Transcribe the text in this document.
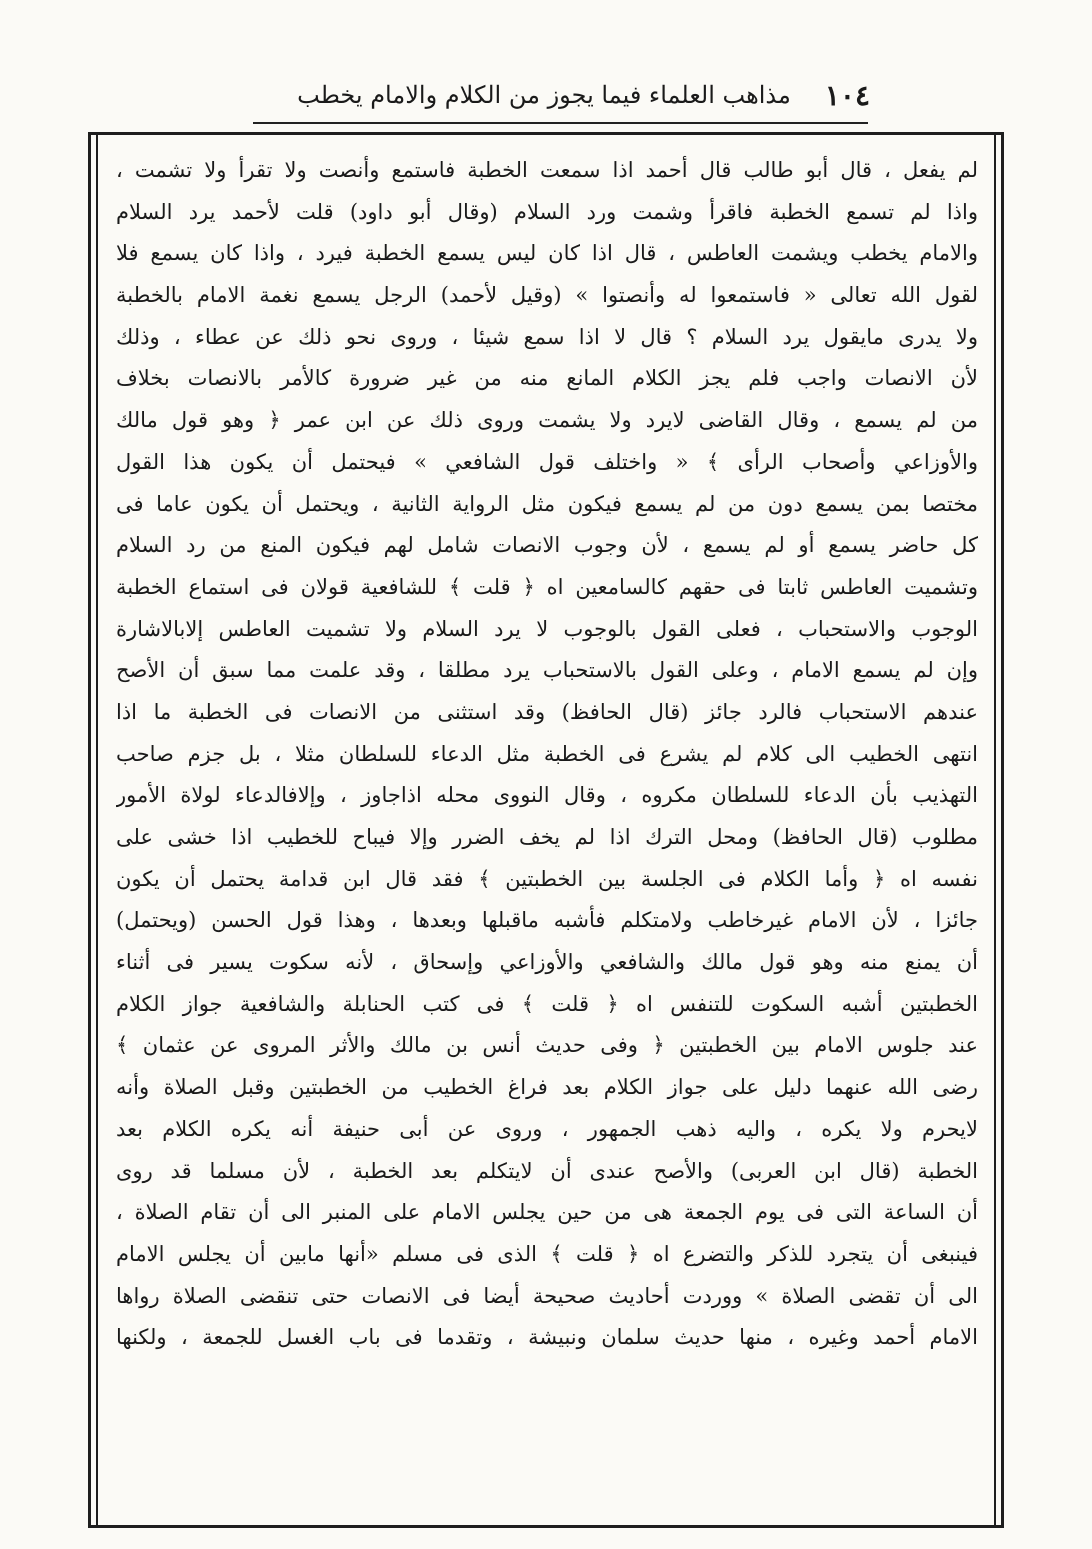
١٠٤
مذاهب العلماء فيما يجوز من الكلام والامام يخطب
لم يفعل ، قال أبو طالب قال أحمد اذا سمعت الخطبة فاستمع وأنصت ولا تقرأ ولا تشمت ،
واذا لم تسمع الخطبة فاقرأ وشمت ورد السلام (وقال أبو داود) قلت لأحمد يرد السلام
والامام يخطب ويشمت العاطس ، قال اذا كان ليس يسمع الخطبة فيرد ، واذا كان يسمع فلا
لقول الله تعالى « فاستمعوا له وأنصتوا » (وقيل لأحمد) الرجل يسمع نغمة الامام بالخطبة
ولا يدرى مايقول يرد السلام ؟ قال لا اذا سمع شيئا ، وروى نحو ذلك عن عطاء ، وذلك
لأن الانصات واجب فلم يجز الكلام المانع منه من غير ضرورة كالأمر بالانصات بخلاف
من لم يسمع ، وقال القاضى لايرد ولا يشمت وروى ذلك عن ابن عمر ﴿ وهو قول مالك
والأوزاعي وأصحاب الرأى ﴾ « واختلف قول الشافعي » فيحتمل أن يكون هذا القول
مختصا بمن يسمع دون من لم يسمع فيكون مثل الرواية الثانية ، ويحتمل أن يكون عاما فى
كل حاضر يسمع أو لم يسمع ، لأن وجوب الانصات شامل لهم فيكون المنع من رد السلام
وتشميت العاطس ثابتا فى حقهم كالسامعين اه ﴿ قلت ﴾ للشافعية قولان فى استماع الخطبة
الوجوب والاستحباب ، فعلى القول بالوجوب لا يرد السلام ولا تشميت العاطس إلابالاشارة
وإن لم يسمع الامام ، وعلى القول بالاستحباب يرد مطلقا ، وقد علمت مما سبق أن الأصح
عندهم الاستحباب فالرد جائز (قال الحافظ) وقد استثنى من الانصات فى الخطبة ما اذا
انتهى الخطيب الى كلام لم يشرع فى الخطبة مثل الدعاء للسلطان مثلا ، بل جزم صاحب
التهذيب بأن الدعاء للسلطان مكروه ، وقال النووى محله اذاجاوز ، وإلافالدعاء لولاة الأمور
مطلوب (قال الحافظ) ومحل الترك اذا لم يخف الضرر وإلا فيباح للخطيب اذا خشى على
نفسه اه ﴿ وأما الكلام فى الجلسة بين الخطبتين ﴾ فقد قال ابن قدامة يحتمل أن يكون
جائزا ، لأن الامام غيرخاطب ولامتكلم فأشبه ماقبلها وبعدها ، وهذا قول الحسن (ويحتمل)
أن يمنع منه وهو قول مالك والشافعي والأوزاعي وإسحاق ، لأنه سكوت يسير فى أثناء
الخطبتين أشبه السكوت للتنفس اه ﴿ قلت ﴾ فى كتب الحنابلة والشافعية جواز الكلام
عند جلوس الامام بين الخطبتين ﴿ وفى حديث أنس بن مالك والأثر المروى عن عثمان ﴾
رضى الله عنهما دليل على جواز الكلام بعد فراغ الخطيب من الخطبتين وقبل الصلاة وأنه
لايحرم ولا يكره ، واليه ذهب الجمهور ، وروى عن أبى حنيفة أنه يكره الكلام بعد
الخطبة (قال ابن العربى) والأصح عندى أن لايتكلم بعد الخطبة ، لأن مسلما قد روى
أن الساعة التى فى يوم الجمعة هى من حين يجلس الامام على المنبر الى أن تقام الصلاة ،
فينبغى أن يتجرد للذكر والتضرع اه ﴿ قلت ﴾ الذى فى مسلم «أنها مابين أن يجلس الامام
الى أن تقضى الصلاة » ووردت أحاديث صحيحة أيضا فى الانصات حتى تنقضى الصلاة رواها
الامام أحمد وغيره ، منها حديث سلمان ونبيشة ، وتقدما فى باب الغسل للجمعة ، ولكنها
